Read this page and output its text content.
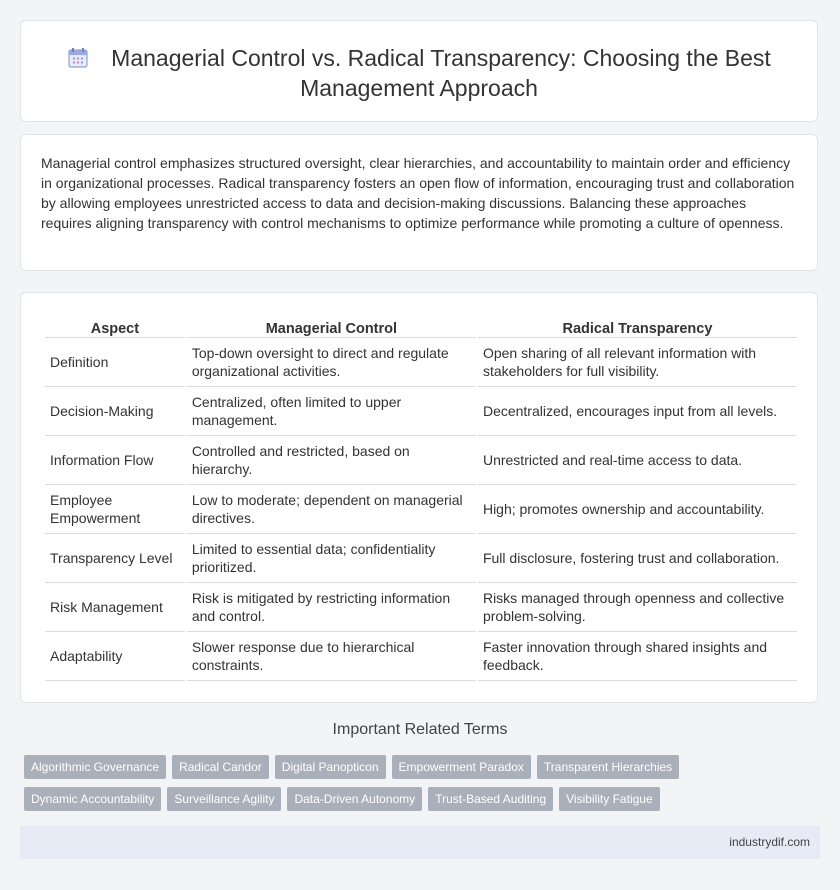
Managerial Control vs. Radical Transparency: Choosing the Best Management Approach
Managerial control emphasizes structured oversight, clear hierarchies, and accountability to maintain order and efficiency in organizational processes. Radical transparency fosters an open flow of information, encouraging trust and collaboration by allowing employees unrestricted access to data and decision-making discussions. Balancing these approaches requires aligning transparency with control mechanisms to optimize performance while promoting a culture of openness.
Aspect	Managerial Control	Radical Transparency
Definition	Top-down oversight to direct and regulate organizational activities.	Open sharing of all relevant information with stakeholders for full visibility.
Decision-Making	Centralized, often limited to upper management.	Decentralized, encourages input from all levels.
Information Flow	Controlled and restricted, based on hierarchy.	Unrestricted and real-time access to data.
Employee Empowerment	Low to moderate; dependent on managerial directives.	High; promotes ownership and accountability.
Transparency Level	Limited to essential data; confidentiality prioritized.	Full disclosure, fostering trust and collaboration.
Risk Management	Risk is mitigated by restricting information and control.	Risks managed through openness and collective problem-solving.
Adaptability	Slower response due to hierarchical constraints.	Faster innovation through shared insights and feedback.
Important Related Terms
Algorithmic Governance Radical Candor Digital Panopticon Empowerment Paradox Transparent Hierarchies
Dynamic Accountability Surveillance Agility Data-Driven Autonomy Trust-Based Auditing Visibility Fatigue
industrydif.com
